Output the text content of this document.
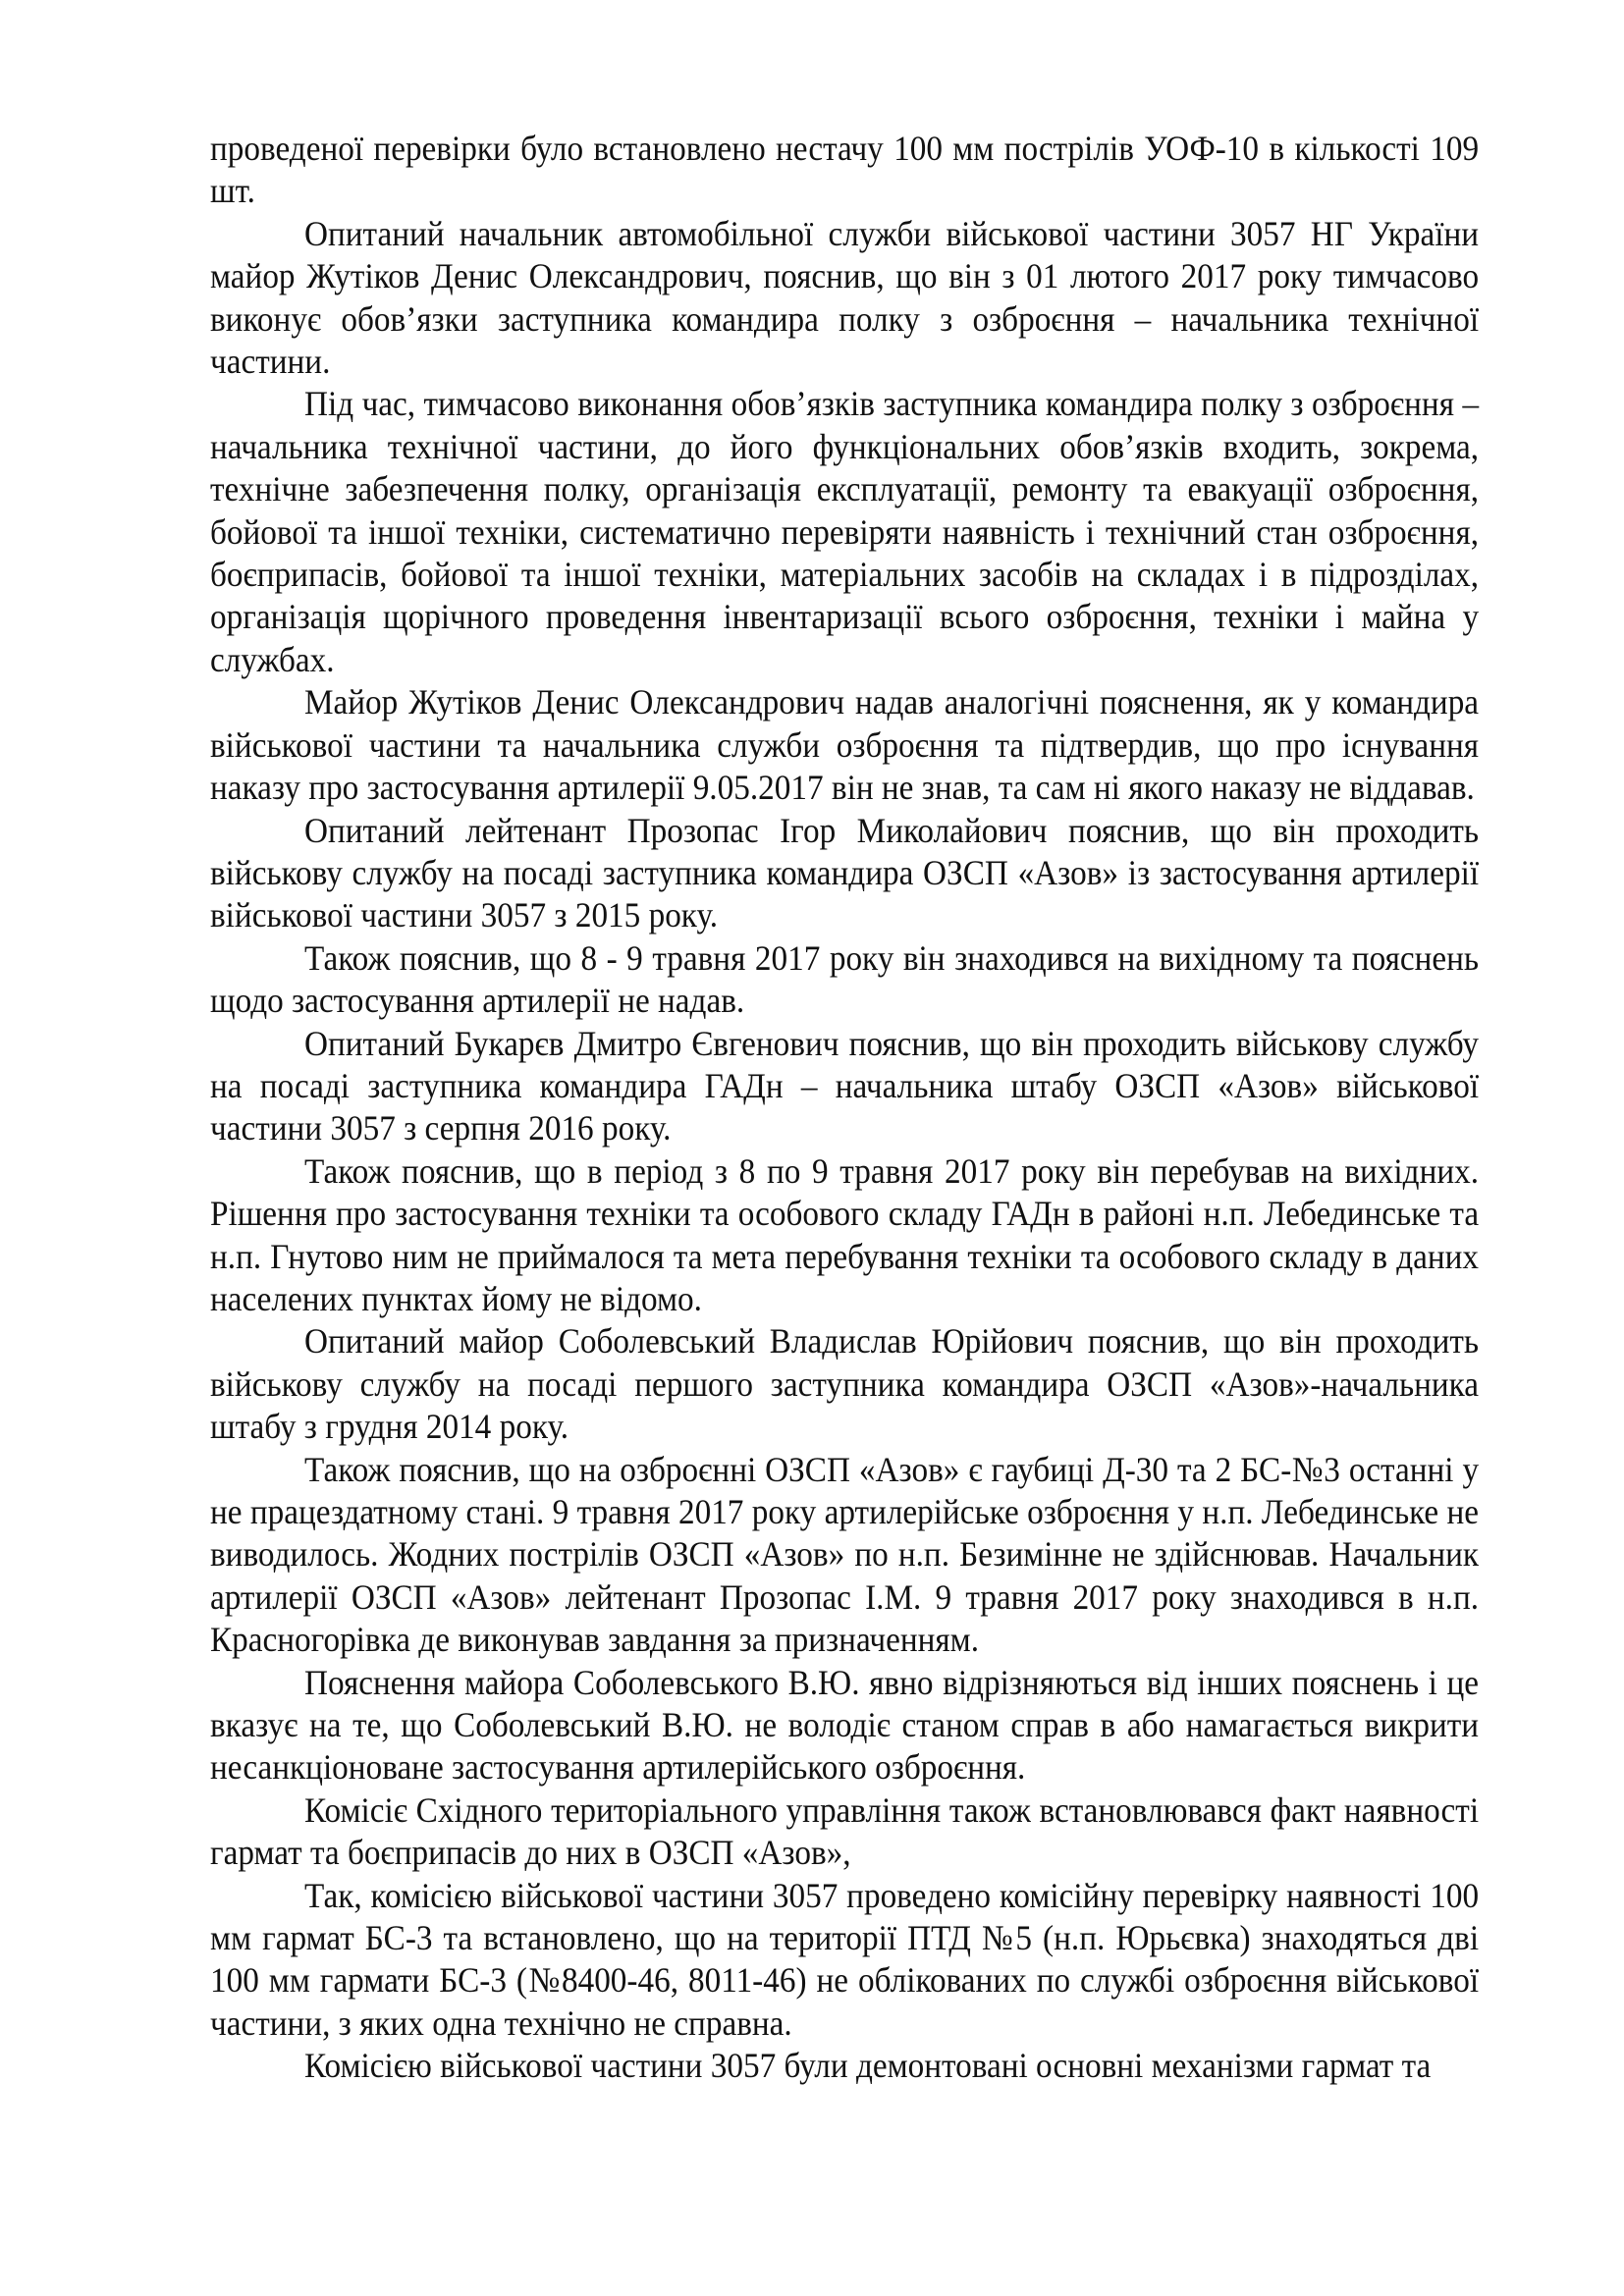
проведеної перевірки було встановлено нестачу 100 мм пострілів УОФ-10 в кількості 109 шт.

Опитаний начальник автомобільної служби військової частини 3057 НГ України майор Жутіков Денис Олександрович, пояснив, що він з 01 лютого 2017 року тимчасово виконує обов’язки заступника командира полку з озброєння – начальника технічної частини.

Під час, тимчасово виконання обов’язків заступника командира полку з озброєння – начальника технічної частини, до його функціональних обов’язків входить, зокрема, технічне забезпечення полку, організація експлуатації, ремонту та евакуації озброєння, бойової та іншої техніки, систематично перевіряти наявність і технічний стан озброєння, боєприпасів, бойової та іншої техніки, матеріальних засобів на складах і в підрозділах, організація щорічного проведення інвентаризації всього озброєння, техніки і майна у службах.

Майор Жутіков Денис Олександрович надав аналогічні пояснення, як у командира військової частини та начальника служби озброєння та підтвердив, що про існування наказу про застосування артилерії 9.05.2017 він не знав, та сам ні якого наказу не віддавав.

Опитаний лейтенант Прозопас Ігор Миколайович пояснив, що він проходить військову службу на посаді заступника командира ОЗСП «Азов» із застосування артилерії військової частини 3057 з 2015 року.

Також пояснив, що 8 - 9 травня 2017 року він знаходився на вихідному та пояснень щодо застосування артилерії не надав.

Опитаний Букарєв Дмитро Євгенович пояснив, що він проходить військову службу на посаді заступника командира ГАДн – начальника штабу ОЗСП «Азов» військової частини 3057 з серпня 2016 року.

Також пояснив, що в період з 8 по 9 травня 2017 року він перебував на вихідних. Рішення про застосування техніки та особового складу ГАДн в районі н.п. Лебединське та н.п. Гнутово ним не приймалося та мета перебування техніки та особового складу в даних населених пунктах йому не відомо.

Опитаний майор Соболевський Владислав Юрійович пояснив, що він проходить військову службу на посаді першого заступника командира ОЗСП «Азов»-начальника штабу з грудня 2014 року.

Також пояснив, що на озброєнні ОЗСП «Азов» є гаубиці Д-30 та 2 БС-№3 останні у не працездатному стані. 9 травня 2017 року артилерійське озброєння у н.п. Лебединське не виводилось. Жодних пострілів ОЗСП «Азов» по н.п. Безимінне не здійснював. Начальник артилерії ОЗСП «Азов» лейтенант Прозопас І.М. 9 травня 2017 року знаходився в н.п. Красногорівка де виконував завдання за призначенням.

Пояснення майора Соболевського В.Ю. явно відрізняються від інших пояснень і це вказує на те, що Соболевський В.Ю. не володіє станом справ в або намагається викрити несанкціоноване застосування артилерійського озброєння.

Комісіє Східного територіального управління також встановлювався факт наявності гармат та боєприпасів до них в ОЗСП «Азов»,

Так, комісією військової частини 3057 проведено комісійну перевірку наявності 100 мм гармат БС-3 та встановлено, що на території ПТД №5 (н.п. Юрьєвка) знаходяться дві 100 мм гармати БС-3 (№8400-46, 8011-46) не облікованих по службі озброєння військової частини, з яких одна технічно не справна.

Комісією військової частини 3057 були демонтовані основні механізми гармат та
